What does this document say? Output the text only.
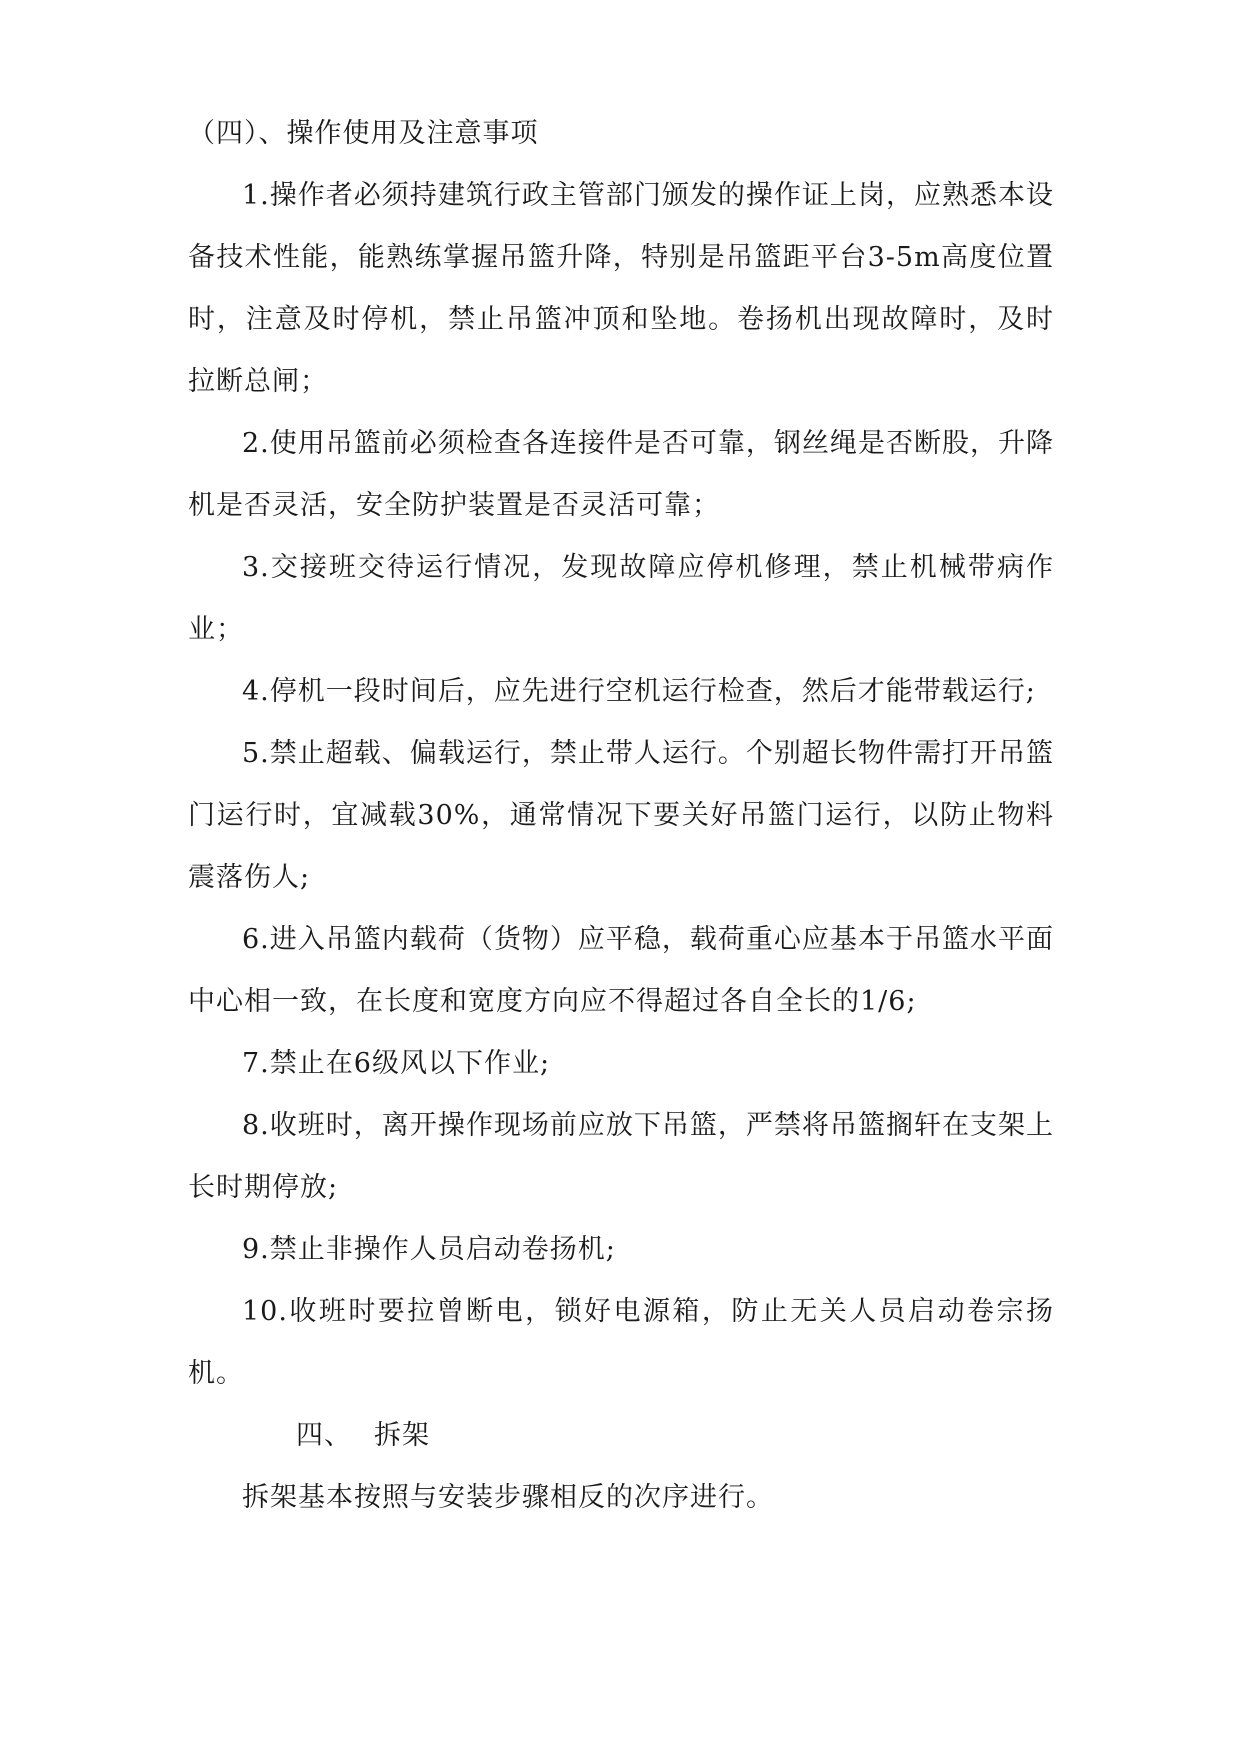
（四）、操作使用及注意事项

1.操作者必须持建筑行政主管部门颁发的操作证上岗，应熟悉本设备技术性能，能熟练掌握吊篮升降，特别是吊篮距平台3-5m高度位置时，注意及时停机，禁止吊篮冲顶和坠地。卷扬机出现故障时，及时拉断总闸；

2.使用吊篮前必须检查各连接件是否可靠，钢丝绳是否断股，升降机是否灵活，安全防护装置是否灵活可靠；

3.交接班交待运行情况，发现故障应停机修理，禁止机械带病作业；

4.停机一段时间后，应先进行空机运行检查，然后才能带载运行;

5.禁止超载、偏载运行，禁止带人运行。个别超长物件需打开吊篮门运行时，宜减载30%，通常情况下要关好吊篮门运行，以防止物料震落伤人;

6.进入吊篮内载荷（货物）应平稳，载荷重心应基本于吊篮水平面中心相一致，在长度和宽度方向应不得超过各自全长的1/6;

7.禁止在6级风以下作业;

8.收班时，离开操作现场前应放下吊篮，严禁将吊篮搁轩在支架上长时期停放;

9.禁止非操作人员启动卷扬机;

10.收班时要拉曾断电，锁好电源箱，防止无关人员启动卷宗扬机。

四、 拆架

拆架基本按照与安装步骤相反的次序进行。
